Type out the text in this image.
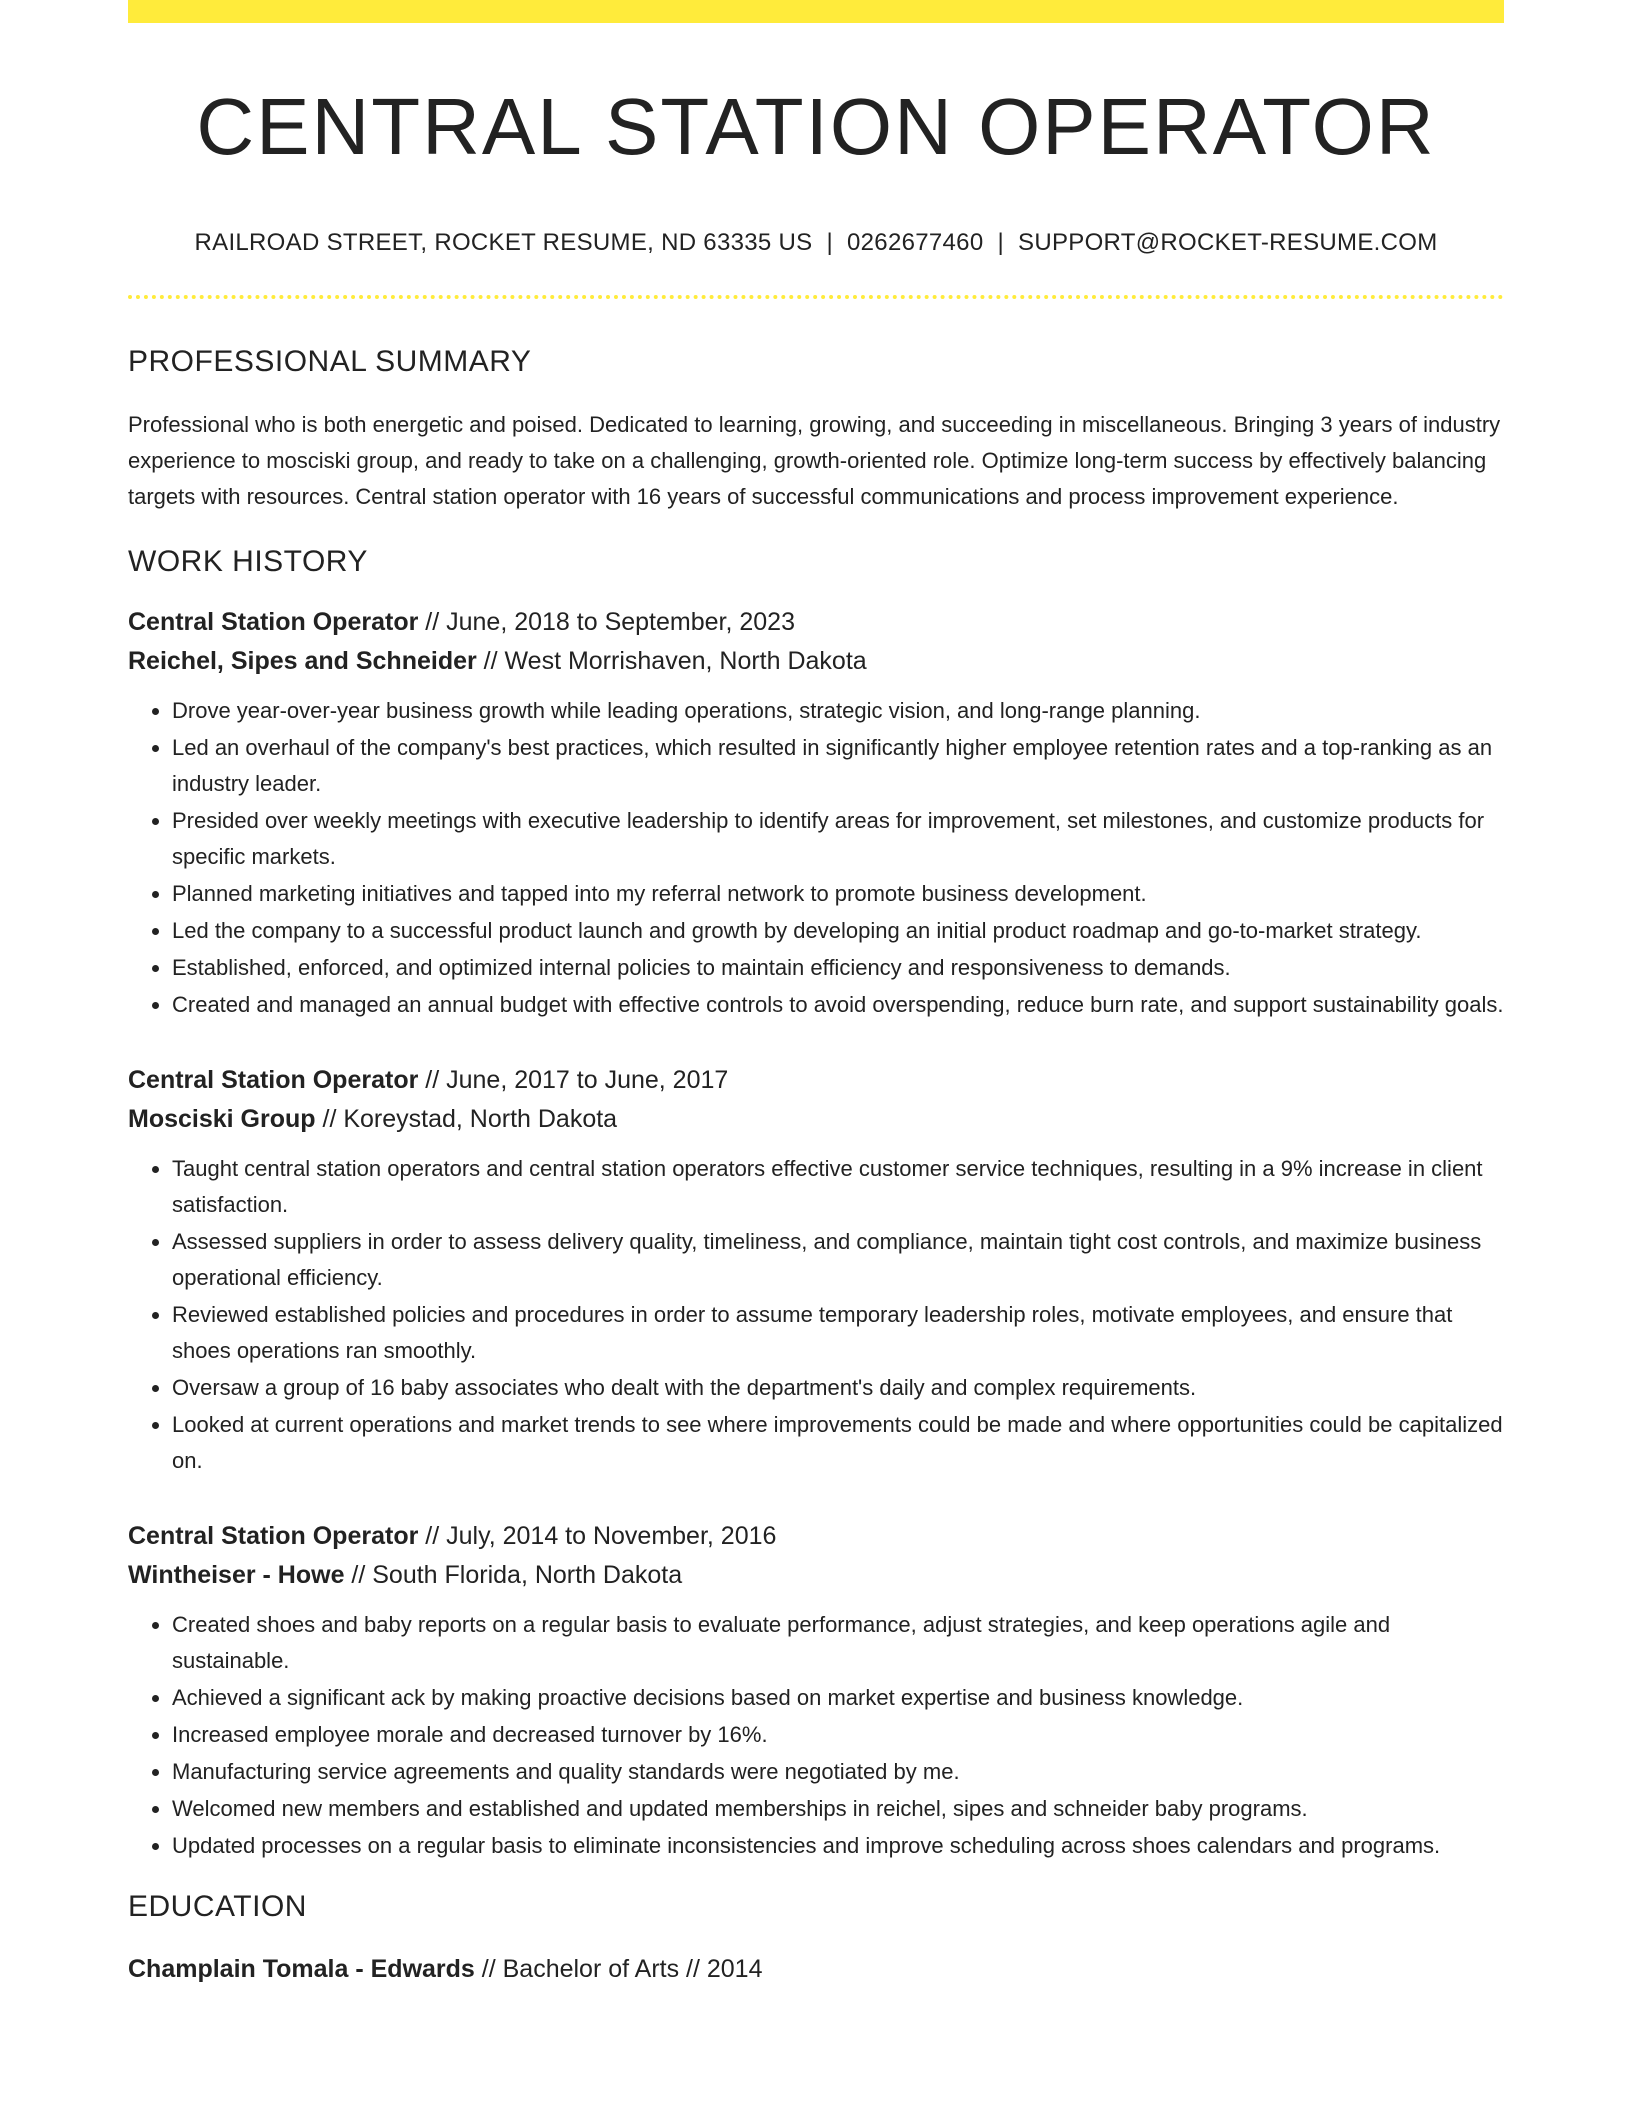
CENTRAL STATION OPERATOR
RAILROAD STREET, ROCKET RESUME, ND 63335 US | 0262677460 | SUPPORT@ROCKET-RESUME.COM
PROFESSIONAL SUMMARY

Professional who is both energetic and poised. Dedicated to learning, growing, and succeeding in miscellaneous. Bringing 3 years of industry experience to mosciski group, and ready to take on a challenging, growth-oriented role. Optimize long-term success by effectively balancing targets with resources. Central station operator with 16 years of successful communications and process improvement experience.

WORK HISTORY
Central Station Operator // June, 2018 to September, 2023
Reichel, Sipes and Schneider // West Morrishaven, North Dakota
• Drove year-over-year business growth while leading operations, strategic vision, and long-range planning.
• Led an overhaul of the company's best practices, which resulted in significantly higher employee retention rates and a top-ranking as an industry leader.
• Presided over weekly meetings with executive leadership to identify areas for improvement, set milestones, and customize products for specific markets.
• Planned marketing initiatives and tapped into my referral network to promote business development.
• Led the company to a successful product launch and growth by developing an initial product roadmap and go-to-market strategy.
• Established, enforced, and optimized internal policies to maintain efficiency and responsiveness to demands.
• Created and managed an annual budget with effective controls to avoid overspending, reduce burn rate, and support sustainability goals.
Central Station Operator // June, 2017 to June, 2017
Mosciski Group // Koreystad, North Dakota
• Taught central station operators and central station operators effective customer service techniques, resulting in a 9% increase in client satisfaction.
• Assessed suppliers in order to assess delivery quality, timeliness, and compliance, maintain tight cost controls, and maximize business operational efficiency.
• Reviewed established policies and procedures in order to assume temporary leadership roles, motivate employees, and ensure that shoes operations ran smoothly.
• Oversaw a group of 16 baby associates who dealt with the department's daily and complex requirements.
• Looked at current operations and market trends to see where improvements could be made and where opportunities could be capitalized on.
Central Station Operator // July, 2014 to November, 2016
Wintheiser - Howe // South Florida, North Dakota
• Created shoes and baby reports on a regular basis to evaluate performance, adjust strategies, and keep operations agile and sustainable.
• Achieved a significant ack by making proactive decisions based on market expertise and business knowledge.
• Increased employee morale and decreased turnover by 16%.
• Manufacturing service agreements and quality standards were negotiated by me.
• Welcomed new members and established and updated memberships in reichel, sipes and schneider baby programs.
• Updated processes on a regular basis to eliminate inconsistencies and improve scheduling across shoes calendars and programs.
EDUCATION
Champlain Tomala - Edwards // Bachelor of Arts // 2014
